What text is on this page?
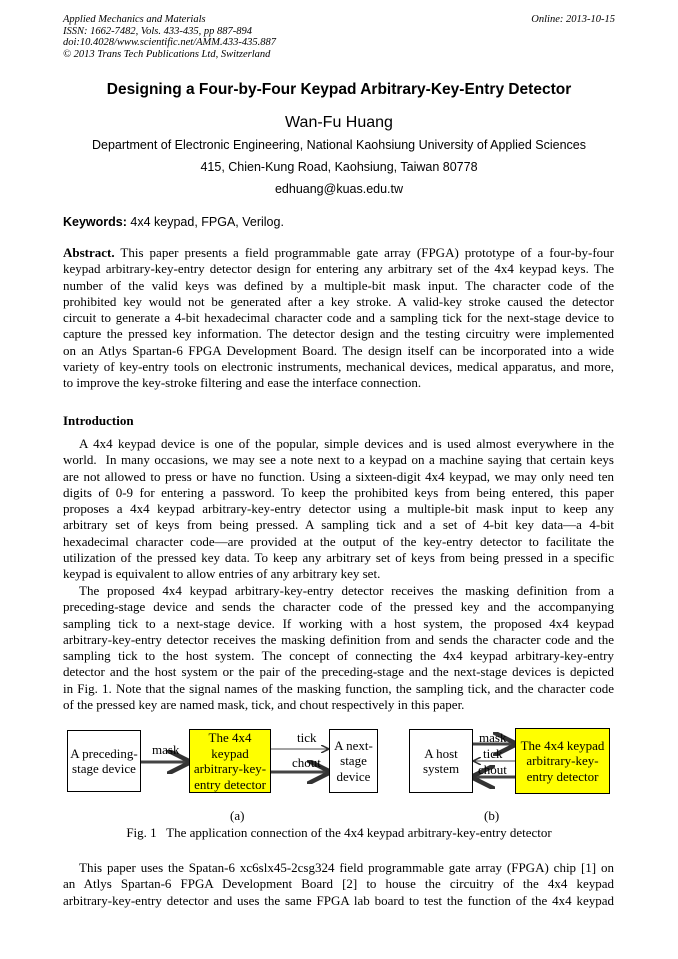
Applied Mechanics and Materials
ISSN: 1662-7482, Vols. 433-435, pp 887-894
doi:10.4028/www.scientific.net/AMM.433-435.887
© 2013 Trans Tech Publications Ltd, Switzerland
Online: 2013-10-15
Designing a Four-by-Four Keypad Arbitrary-Key-Entry Detector
Wan-Fu Huang
Department of Electronic Engineering, National Kaohsiung University of Applied Sciences
415, Chien-Kung Road, Kaohsiung, Taiwan 80778
edhuang@kuas.edu.tw
Keywords: 4x4 keypad, FPGA, Verilog.
Abstract. This paper presents a field programmable gate array (FPGA) prototype of a four-by-four
keypad arbitrary-key-entry detector design for entering any arbitrary set of the 4x4 keypad keys. The
number of the valid keys was defined by a multiple-bit mask input. The character code of the
prohibited key would not be generated after a key stroke. A valid-key stroke caused the detector
circuit to generate a 4-bit hexadecimal character code and a sampling tick for the next-stage device to
capture the pressed key information. The detector design and the testing circuitry were implemented
on an Atlys Spartan-6 FPGA Development Board. The design itself can be incorporated into a wide
variety of key-entry tools on electronic instruments, mechanical devices, medical apparatus, and more,
to improve the key-stroke filtering and ease the interface connection.
Introduction
A 4x4 keypad device is one of the popular, simple devices and is used almost everywhere in the
world.  In many occasions, we may see a note next to a keypad on a machine saying that certain keys
are not allowed to press or have no function. Using a sixteen-digit 4x4 keypad, we may only need ten
digits of 0-9 for entering a password. To keep the prohibited keys from being entered, this paper
proposes a 4x4 keypad arbitrary-key-entry detector using a multiple-bit mask input to keep any
arbitrary set of keys from being pressed. A sampling tick and a set of 4-bit key data—a 4-bit
hexadecimal character code—are provided at the output of the key-entry detector to facilitate the
utilization of the pressed key data. To keep any arbitrary set of keys from being pressed in a specific
keypad is equivalent to allow entries of any arbitrary key set.
The proposed 4x4 keypad arbitrary-key-entry detector receives the masking definition from a
preceding-stage device and sends the character code of the pressed key and the accompanying
sampling tick to a next-stage device. If working with a host system, the proposed 4x4 keypad
arbitrary-key-entry detector receives the masking definition from and sends the character code and the
sampling tick to the host system. The concept of connecting the 4x4 keypad arbitrary-key-entry
detector and the host system or the pair of the preceding-stage and the next-stage devices is depicted
in Fig. 1. Note that the signal names of the masking function, the sampling tick, and the character code
of the pressed key are named mask, tick, and chout respectively in this paper.
A preceding-stage device
The 4x4 keypad arbitrary-key-entry detector
A next-stage device
A host system
The 4x4 keypad arbitrary-key-entry detector
mask
tick
chout
mask
tick
chout
(a)	(b)
Fig. 1   The application connection of the 4x4 keypad arbitrary-key-entry detector
This paper uses the Spatan-6 xc6slx45-2csg324 field programmable gate array (FPGA) chip [1] on
an Atlys Spartan-6 FPGA Development Board [2] to house the circuitry of the 4x4 keypad
arbitrary-key-entry detector and uses the same FPGA lab board to test the function of the 4x4 keypad
